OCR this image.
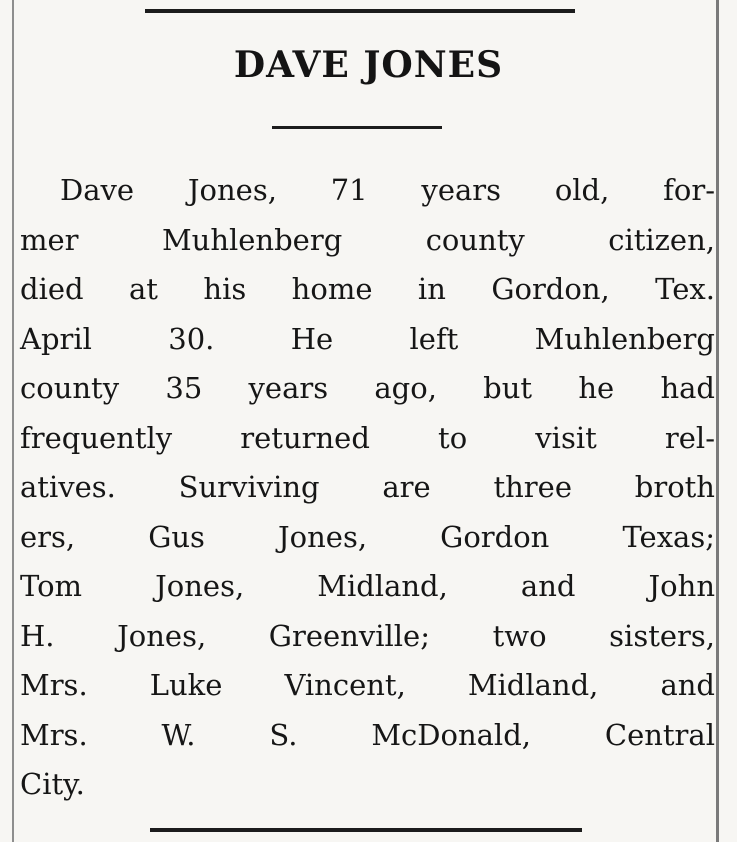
DAVE JONES
Dave Jones, 71 years old, for-
mer Muhlenberg county citizen,
died at his home in Gordon, Tex.
April 30. He left Muhlenberg
county 35 years ago, but he had
frequently returned to visit rel-
atives. Surviving are three broth
ers, Gus Jones, Gordon Texas;
Tom Jones, Midland, and John
H. Jones, Greenville; two sisters,
Mrs. Luke Vincent, Midland, and
Mrs. W. S. McDonald, Central
City.
